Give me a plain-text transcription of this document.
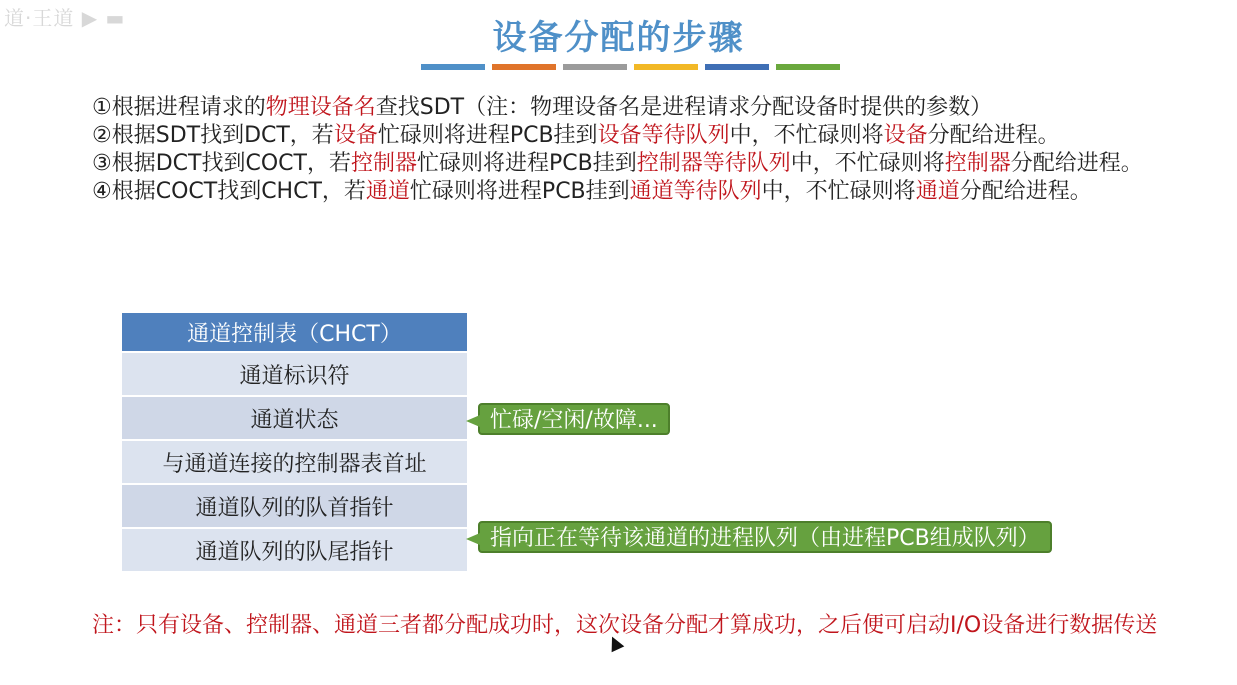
道·王道 ▶ ▬	设备分配的步骤

①根据进程请求的物理设备名查找SDT（注：物理设备名是进程请求分配设备时提供的参数）

②根据SDT找到DCT，若设备忙碌则将进程PCB挂到设备等待队列中，不忙碌则将设备分配给进程。

③根据DCT找到COCT，若控制器忙碌则将进程PCB挂到控制器等待队列中，不忙碌则将控制器分配给进程。

④根据COCT找到CHCT，若通道忙碌则将进程PCB挂到通道等待队列中，不忙碌则将通道分配给进程。

通道控制表（CHCT）
通道标识符
通道状态
与通道连接的控制器表首址
通道队列的队首指针
通道队列的队尾指针
忙碌/空闲/故障...
指向正在等待该通道的进程队列（由进程PCB组成队列）
注：只有设备、控制器、通道三者都分配成功时，这次设备分配才算成功，之后便可启动I/O设备进行数据传送
